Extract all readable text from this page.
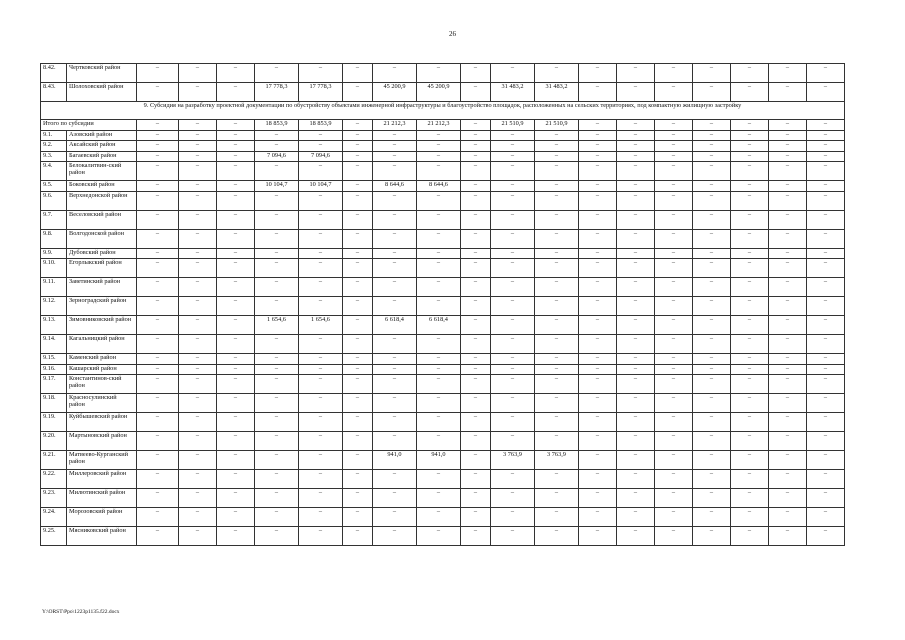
26
8.42.	Чертковский район	–	–	–	–	–	–	–	–	–	–	–	–	–	–	–	–	–	–
8.43.	Шолоховский район	–	–	–	17 778,3	17 778,3	–	45 200,9	45 200,9	–	31 483,2	31 483,2	–	–	–	–	–	–	–
9. Субсидия на разработку проектной документации по обустройству объектами инженерной инфраструктуры и благоустройство площадок, расположенных на сельских территориях, под компактную жилищную застройку																			
Итого по субсидии		–	–	–	18 853,9	18 853,9	–	21 212,3	21 212,3	–	21 510,9	21 510,9	–	–	–	–	–	–	–
9.1.	Азовский район	–	–	–	–	–	–	–	–	–	–	–	–	–	–	–	–	–	–
9.2.	Аксайский район	–	–	–	–	–	–	–	–	–	–	–	–	–	–	–	–	–	–
9.3.	Багаевский район	–	–	–	7 094,6	7 094,6	–	–	–	–	–	–	–	–	–	–	–	–	–
9.4.	Белокалитвин-ский район	–	–	–	–	–	–	–	–	–	–	–	–	–	–	–	–	–	–
9.5.	Боковский район	–	–	–	10 104,7	10 104,7	–	8 644,6	8 644,6	–	–	–	–	–	–	–	–	–	–
9.6.	Верхнедонской район	–	–	–	–	–	–	–	–	–	–	–	–	–	–	–	–	–	–
9.7.	Веселовский район	–	–	–	–	–	–	–	–	–	–	–	–	–	–	–	–	–	–
9.8.	Волгодонской район	–	–	–	–	–	–	–	–	–	–	–	–	–	–	–	–	–	–
9.9.	Дубовский район	–	–	–	–	–	–	–	–	–	–	–	–	–	–	–	–	–	–
9.10.	Егорлыкский район	–	–	–	–	–	–	–	–	–	–	–	–	–	–	–	–	–	–
9.11.	Заветинский район	–	–	–	–	–	–	–	–	–	–	–	–	–	–	–	–	–	–
9.12.	Зерноградский район	–	–	–	–	–	–	–	–	–	–	–	–	–	–	–	–	–	–
9.13.	Зимовниковский район	–	–	–	1 654,6	1 654,6	–	6 618,4	6 618,4	–	–	–	–	–	–	–	–	–	–
9.14.	Кагальницкий район	–	–	–	–	–	–	–	–	–	–	–	–	–	–	–	–	–	–
9.15.	Каменский район	–	–	–	–	–	–	–	–	–	–	–	–	–	–	–	–	–	–
9.16.	Кашарский район	–	–	–	–	–	–	–	–	–	–	–	–	–	–	–	–	–	–
9.17.	Константинов-ский район	–	–	–	–	–	–	–	–	–	–	–	–	–	–	–	–	–	–
9.18.	Красносулинский район	–	–	–	–	–	–	–	–	–	–	–	–	–	–	–	–	–	–
9.19.	Куйбышевский район	–	–	–	–	–	–	–	–	–	–	–	–	–	–	–	–	–	–
9.20.	Мартыновский район	–	–	–	–	–	–	–	–	–	–	–	–	–	–	–	–	–	–
9.21.	Матвеево-Курганский район	–	–	–	–	–	–	941,0	941,0	–	3 763,9	3 763,9	–	–	–	–	–	–	–
9.22.	Миллеровский район	–	–	–	–	–	–	–	–	–	–	–	–	–	–	–	–	–	–
9.23.	Милютинский район	–	–	–	–	–	–	–	–	–	–	–	–	–	–	–	–	–	–
9.24.	Морозовский район	–	–	–	–	–	–	–	–	–	–	–	–	–	–	–	–	–	–
9.25.	Мясниковский район	–	–	–	–	–	–	–	–	–	–	–	–	–	–	–	–	–	–
Y:\ORST\Ppo\1223p1135.f22.docx
